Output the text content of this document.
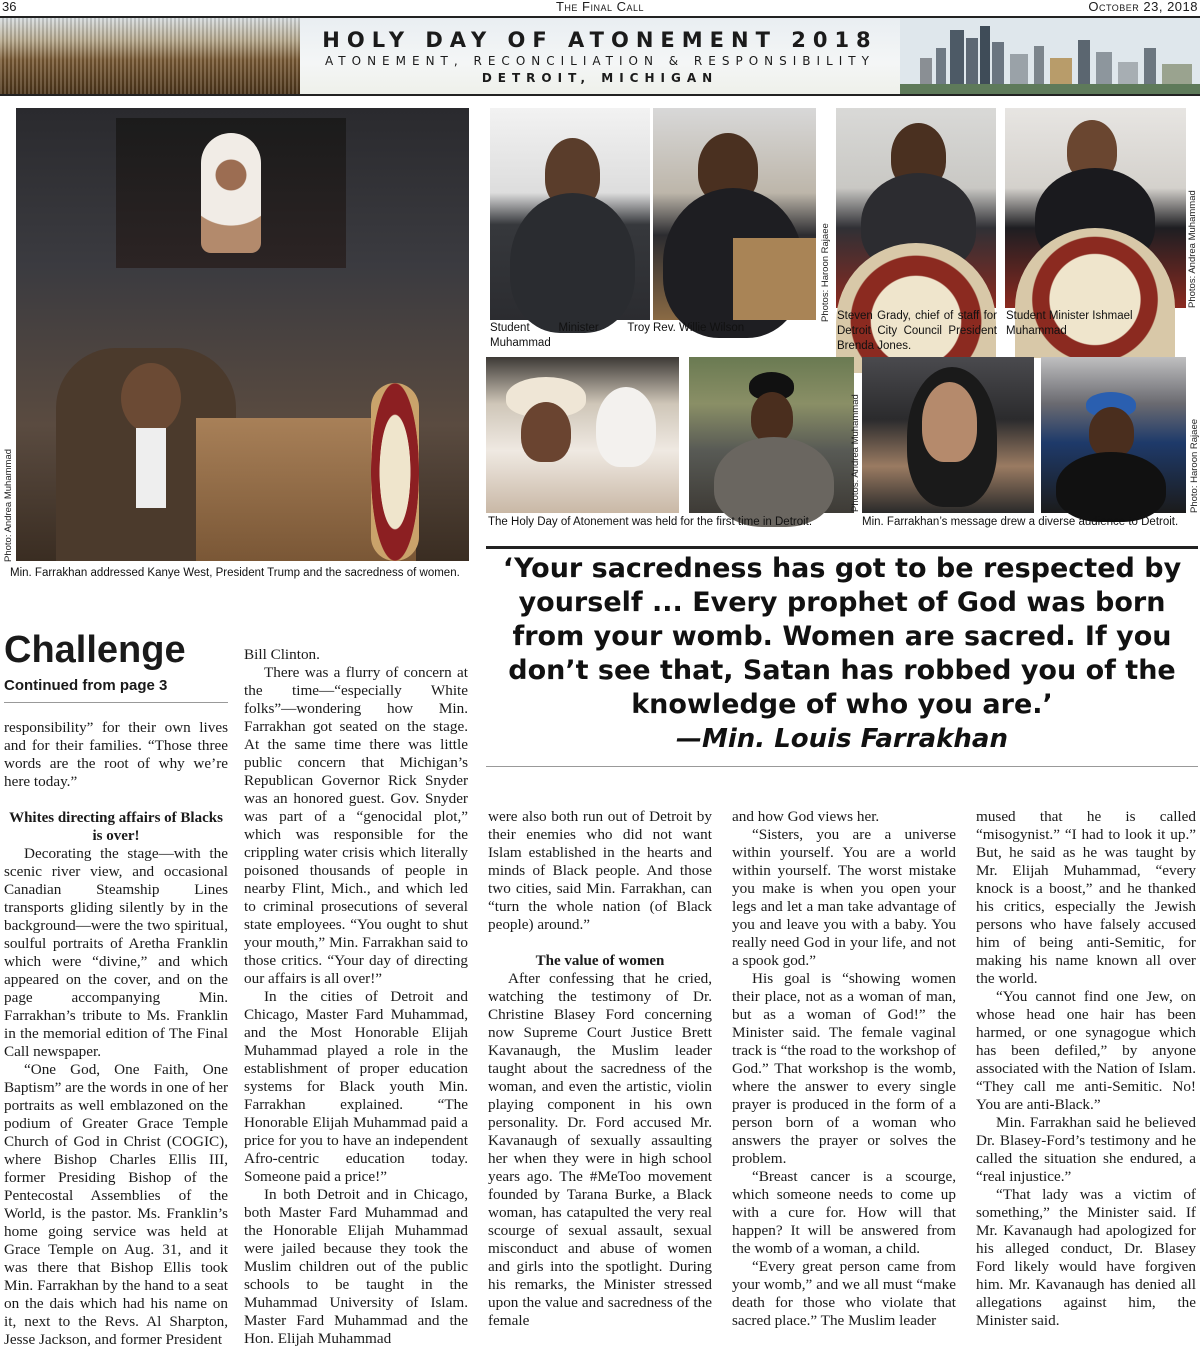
36	The Final Call	October 23, 2018
HOLY DAY OF ATONEMENT 2018
ATONEMENT, RECONCILIATION & RESPONSIBILITY
DETROIT, MICHIGAN
Photo: Andrea Muhammad
Min. Farrakhan addressed Kanye West, President Trump and the sacredness of women.
Student Minister Troy Muhammad
Rev. Willie Wilson
Photos: Haroon Rajaee	Photos: Andrea Muhammad
Steven Grady, chief of staff for Detroit City Council President Brenda Jones.
Student Minister Ishmael Muhammad
Photos: Andrea Muhammad	Photo: Haroon Rajaee
The Holy Day of Atonement was held for the first time in Detroit.	Min. Farrakhan’s message drew a diverse audience to Detroit.
‘Your sacredness has got to be respected by yourself ... Every prophet of God was born from your womb. Women are sacred. If you don’t see that, Satan has robbed you of the knowledge of who you are.’
—Min. Louis Farrakhan
Challenge
Continued from page 3

responsibility” for their own lives and for their families. “Those three words are the root of why we’re here today.”

Whites directing affairs of Blacks is over!

Decorating the stage—with the scenic river view, and occasional Canadian Steamship Lines transports gliding silently by in the background—were the two spiritual, soulful portraits of Aretha Franklin which were “divine,” and which appeared on the cover, and on the page accompanying Min. Farrakhan’s tribute to Ms. Franklin in the memorial edition of The Final Call newspaper.

“One God, One Faith, One Baptism” are the words in one of her portraits as well emblazoned on the podium of Greater Grace Temple Church of God in Christ (COGIC), where Bishop Charles Ellis III, former Presiding Bishop of the Pentecostal Assemblies of the World, is the pastor. Ms. Franklin’s home going service was held at Grace Temple on Aug. 31, and it was there that Bishop Ellis took Min. Farrakhan by the hand to a seat on the dais which had his name on it, next to the Revs. Al Sharpton, Jesse Jackson, and former President

Bill Clinton.

There was a flurry of concern at the time—“especially White folks”—wondering how Min. Farrakhan got seated on the stage. At the same time there was little public concern that Michigan’s Republican Governor Rick Snyder was an honored guest. Gov. Snyder was part of a “genocidal plot,” which was responsible for the crippling water crisis which literally poisoned thousands of people in nearby Flint, Mich., and which led to criminal prosecutions of several state employees. “You ought to shut your mouth,” Min. Farrakhan said to those critics. “Your day of directing our affairs is all over!”

In the cities of Detroit and Chicago, Master Fard Muhammad, and the Most Honorable Elijah Muhammad played a role in the establishment of proper education systems for Black youth Min. Farrakhan explained. “The Honorable Elijah Muhammad paid a price for you to have an independent Afro-centric education today. Someone paid a price!”

In both Detroit and in Chicago, both Master Fard Muhammad and the Honorable Elijah Muhammad were jailed because they took the Muslim children out of the public schools to be taught in the Muhammad University of Islam. Master Fard Muhammad and the Hon. Elijah Muhammad

were also both run out of Detroit by their enemies who did not want Islam established in the hearts and minds of Black people. And those two cities, said Min. Farrakhan, can “turn the whole nation (of Black people) around.”

The value of women

After confessing that he cried, watching the testimony of Dr. Christine Blasey Ford concerning now Supreme Court Justice Brett Kavanaugh, the Muslim leader taught about the sacredness of the woman, and even the artistic, violin playing component in his own personality. Dr. Ford accused Mr. Kavanaugh of sexually assaulting her when they were in high school years ago. The #MeToo movement founded by Tarana Burke, a Black woman, has catapulted the very real scourge of sexual assault, sexual misconduct and abuse of women and girls into the spotlight. During his remarks, the Minister stressed upon the value and sacredness of the female

and how God views her.

“Sisters, you are a universe within yourself. You are a world within yourself. The worst mistake you make is when you open your legs and let a man take advantage of you and leave you with a baby. You really need God in your life, and not a spook god.”

His goal is “showing women their place, not as a woman of man, but as a woman of God!” the Minister said. The female vaginal track is “the road to the workshop of God.” That workshop is the womb, where the answer to every single prayer is produced in the form of a person born of a woman who answers the prayer or solves the problem.

“Breast cancer is a scourge, which someone needs to come up with a cure for. How will that happen? It will be answered from the womb of a woman, a child.

“Every great person came from your womb,” and we all must “make death for those who violate that sacred place.” The Muslim leader

mused that he is called “misogynist.” “I had to look it up.” But, he said as he was taught by Mr. Elijah Muhammad, “every knock is a boost,” and he thanked his critics, especially the Jewish persons who have falsely accused him of being anti-Semitic, for making his name known all over the world.

“You cannot find one Jew, on whose head one hair has been harmed, or one synagogue which has been defiled,” by anyone associated with the Nation of Islam. “They call me anti-Semitic. No! You are anti-Black.”

Min. Farrakhan said he believed Dr. Blasey-Ford’s testimony and he called the situation she endured, a “real injustice.”

“That lady was a victim of something,” the Minister said. If Mr. Kavanaugh had apologized for his alleged conduct, Dr. Blasey Ford likely would have forgiven him. Mr. Kavanaugh has denied all allegations against him, the Minister said.
